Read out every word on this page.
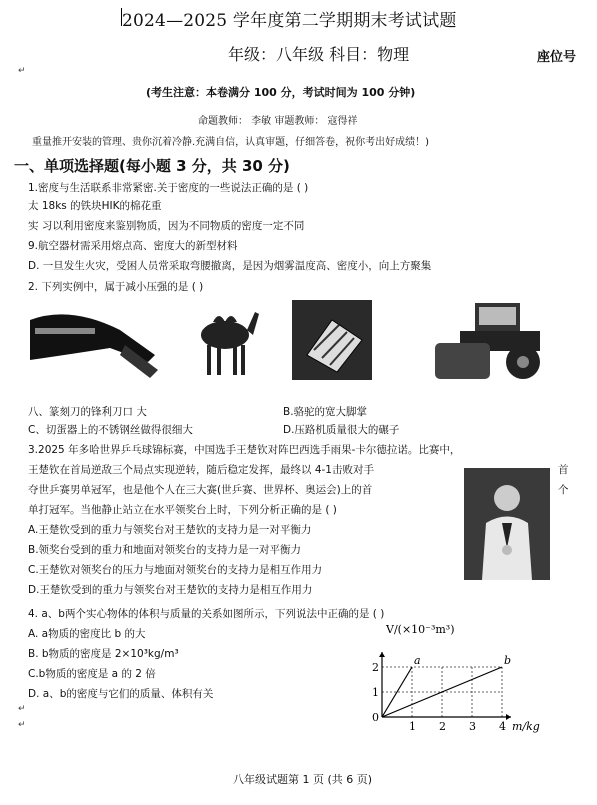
2024—2025 学年度第二学期期末考试试题
年级：八年级 科目：物理	座位号
↵
(考生注意：本卷满分 100 分，考试时间为 100 分钟)
命题教师： 李敏 审题教师： 寇得祥
重量推开安装的管理、贵你沉着冷静.充满自信，认真审题，仔细答卷，祝你考出好成绩！)
一、单项选择题(每小题 3 分，共 30 分)
1.密度与生活联系非常紧密.关于密度的一些说法正确的是 ( )
太 18ks 的铁块HIK的棉花重
实 习以利用密度来鉴别物质，因为不同物质的密度一定不同
9.航空器材需采用熔点高、密度大的新型材料
D. 一旦发生火灾，受困人员常采取弯腰撤离，是因为烟雾温度高、密度小，向上方聚集
2. 下列实例中，属于减小压强的是 ( )
八、篆刻刀的锋利刀口 大	B.骆驼的宽大脚掌
C、切蛋器上的不锈钢丝做得很细大	D.压路机质量很大的碾子
3.2025 年多哈世界乒乓球锦标赛，中国选手王楚钦对阵巴西选手雨果-卡尔德拉诺。比赛中，
王楚钦在首局逆敌三个局点实现逆转，随后稳定发挥，最终以 4-1击败对手	首
夺世乒赛男单冠军，也是他个人在三大赛(世乒赛、世界杯、奥运会)上的首	个
单打冠军。当他静止站立在水平领奖台上时，下列分析正确的是 ( )
A.王楚钦受到的重力与领奖台对王楚钦的支持力是一对平衡力
B.领奖台受到的重力和地面对领奖台的支持力是一对平衡力
C.王楚钦对领奖台的压力与地面对领奖台的支持力是相互作用力
D.王楚钦受到的重力与领奖台对王楚钦的支持力是相互作用力
4. a、b两个实心物体的体积与质量的关系如图所示，下列说法中正确的是 ( )
A. a物质的密度比 b 的大
B. b物质的密度是 2×10³kg/m³
C.b物质的密度是 a 的 2 倍
D. a、b的密度与它们的质量、体积有关
↵
↵
a	b
1 2 3 4
1
2
0
V/(×10⁻³m³)
m/kg
八年级试题第 1 页 (共 6 页)
